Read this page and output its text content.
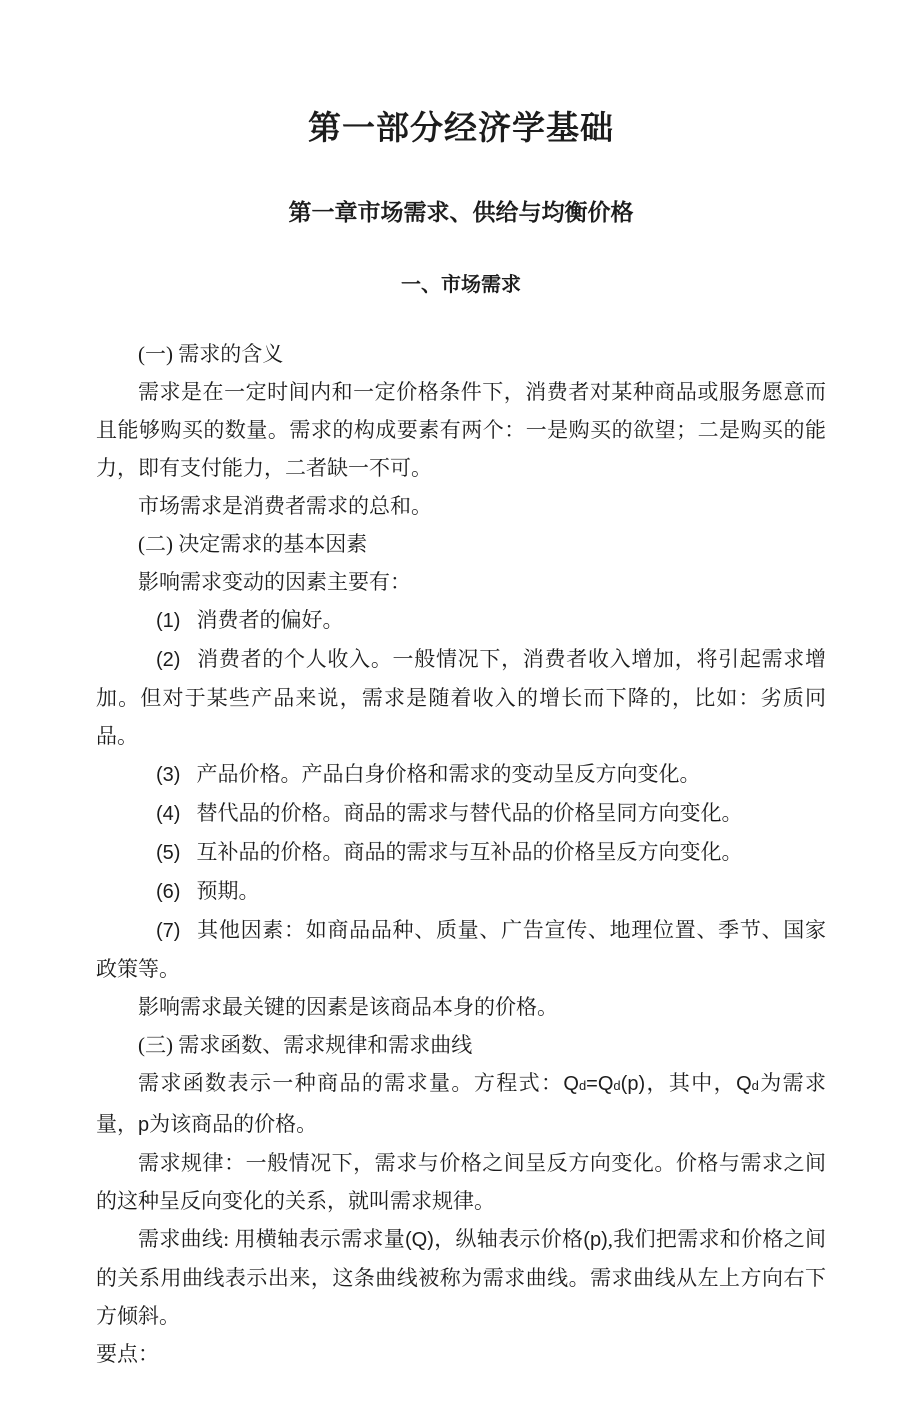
第一部分经济学基础
第一章市场需求、供给与均衡价格
一、市场需求

(一) 需求的含义

需求是在一定时间内和一定价格条件下，消费者对某种商品或服务愿意而且能够购买的数量。需求的构成要素有两个：一是购买的欲望；二是购买的能力，即有支付能力，二者缺一不可。

市场需求是消费者需求的总和。

(二) 决定需求的基本因素

影响需求变动的因素主要有：

(1) 消费者的偏好。

(2) 消费者的个人收入。一般情况下，消费者收入增加，将引起需求增加。但对于某些产品来说，需求是随着收入的增长而下降的，比如：劣质冋品。

(3) 产品价格。产品白身价格和需求的变动呈反方向变化。

(4) 替代品的价格。商品的需求与替代品的价格呈同方向变化。

(5) 互补品的价格。商品的需求与互补品的价格呈反方向变化。

(6) 预期。

(7) 其他因素：如商品品种、质量、广告宣传、地理位置、季节、国家政策等。

影响需求最关键的因素是该商品本身的价格。

(三) 需求函数、需求规律和需求曲线

需求函数表示一种商品的需求量。方程式：Qd=Qd(p)，其中，Qd为需求量，p为该商品的价格。

需求规律：一般情况下，需求与价格之间呈反方向变化。价格与需求之间的这种呈反向变化的关系，就叫需求规律。

需求曲线: 用横轴表示需求量(Q)，纵轴表示价格(p),我们把需求和价格之间的关系用曲线表示出来，这条曲线被称为需求曲线。需求曲线从左上方向右下方倾斜。

要点：
